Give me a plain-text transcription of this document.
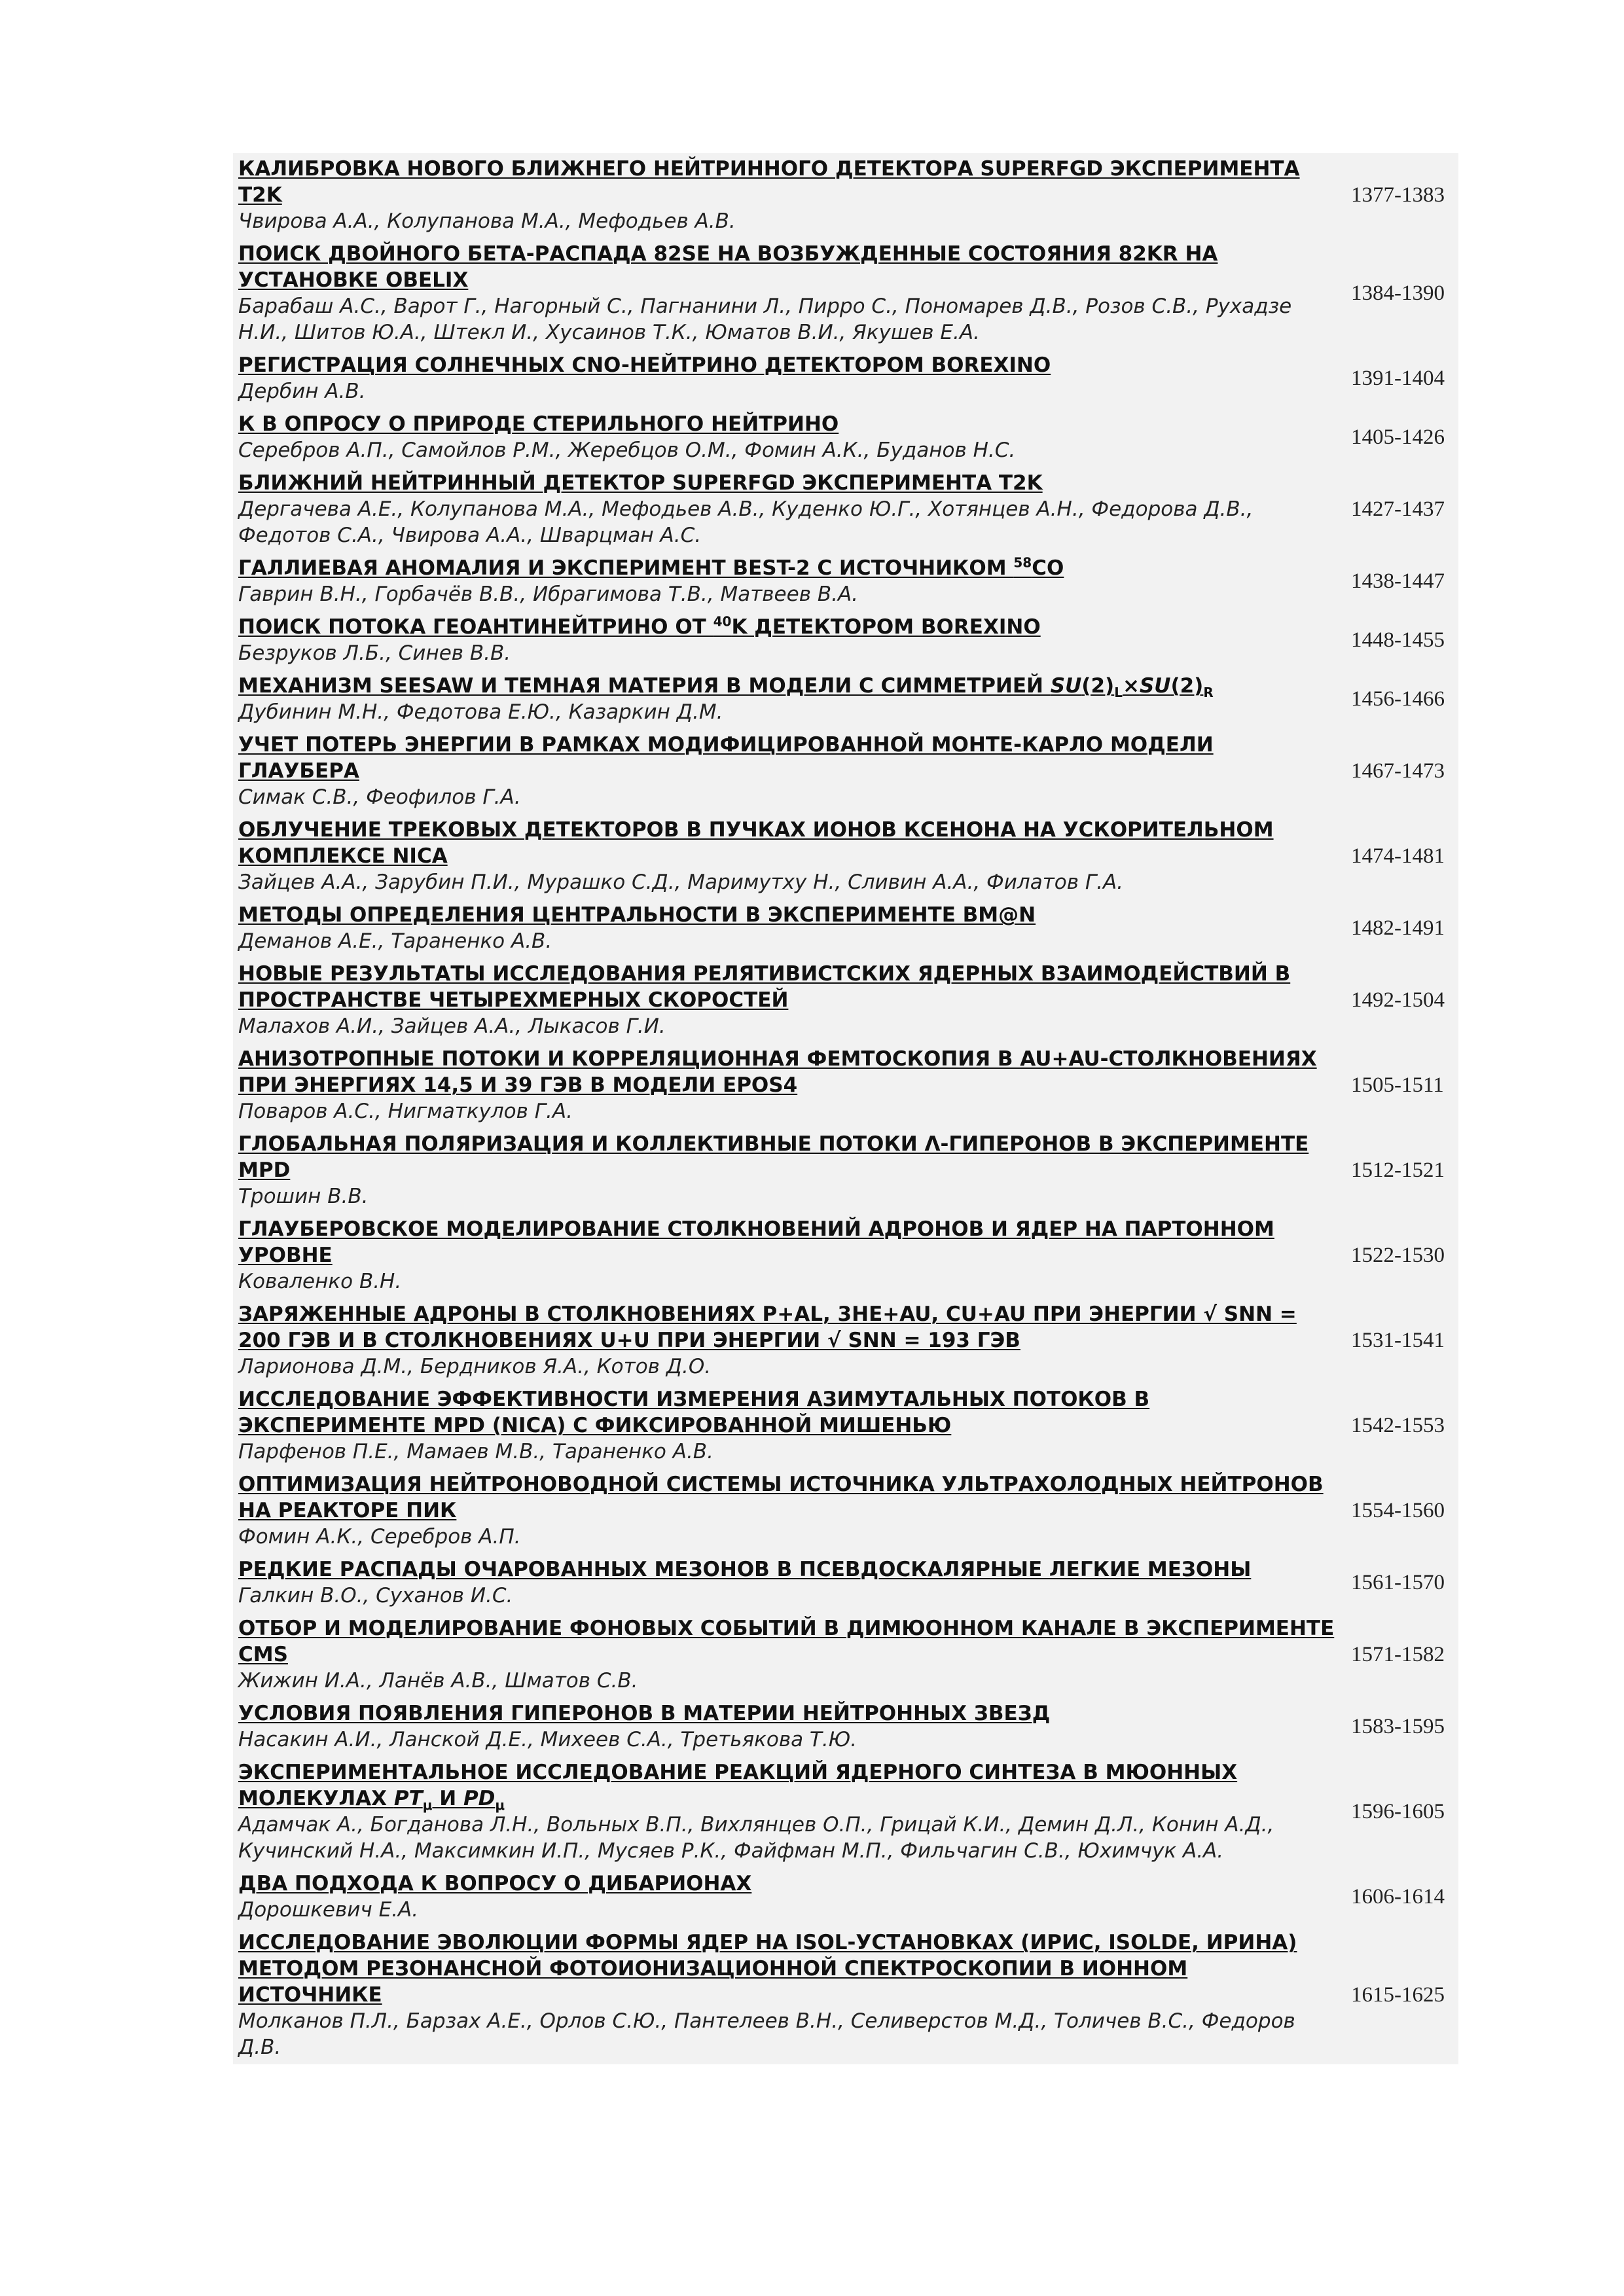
КАЛИБРОВКА НОВОГО БЛИЖНЕГО НЕЙТРИННОГО ДЕТЕКТОРА SUPERFGD ЭКСПЕРИМЕНТА T2K
Чвирова А.А., Колупанова М.А., Мефодьев А.В.
1377-1383
ПОИСК ДВОЙНОГО БЕТА-РАСПАДА 82SE НА ВОЗБУЖДЕННЫЕ СОСТОЯНИЯ 82KR НА УСТАНОВКЕ OBELIX
Барабаш А.С., Варот Г., Нагорный С., Пагнанини Л., Пирро С., Пономарев Д.В., Розов С.В., Рухадзе Н.И., Шитов Ю.А., Штекл И., Хусаинов Т.К., Юматов В.И., Якушев Е.А.
1384-1390
РЕГИСТРАЦИЯ СОЛНЕЧНЫХ CNO-НЕЙТРИНО ДЕТЕКТОРОМ BOREXINO
Дербин А.В.
1391-1404
К В ОПРОСУ О ПРИРОДЕ СТЕРИЛЬНОГО НЕЙТРИНО
Серебров А.П., Самойлов Р.М., Жеребцов О.М., Фомин А.К., Буданов Н.С.
1405-1426
БЛИЖНИЙ НЕЙТРИННЫЙ ДЕТЕКТОР SUPERFGD ЭКСПЕРИМЕНТА T2K
Дергачева А.Е., Колупанова М.А., Мефодьев А.В., Куденко Ю.Г., Хотянцев А.Н., Федорова Д.В., Федотов С.А., Чвирова А.А., Шварцман А.С.
1427-1437
ГАЛЛИЕВАЯ АНОМАЛИЯ И ЭКСПЕРИМЕНТ BEST-2 С ИСТОЧНИКОМ $^{58}$CO
Гаврин В.Н., Горбачёв В.В., Ибрагимова Т.В., Матвеев В.А.
1438-1447
ПОИСК ПОТОКА ГЕОАНТИНЕЙТРИНО ОТ $^{40}$K ДЕТЕКТОРОМ BOREXINO
Безруков Л.Б., Синев В.В.
1448-1455
МЕХАНИЗМ SEESAW И ТЕМНАЯ МАТЕРИЯ В МОДЕЛИ С СИММЕТРИЕЙ $SU(2)_L\times SU(2)_R$
Дубинин М.Н., Федотова Е.Ю., Казаркин Д.М.
1456-1466
УЧЕТ ПОТЕРЬ ЭНЕРГИИ В РАМКАХ МОДИФИЦИРОВАННОЙ МОНТЕ-КАРЛО МОДЕЛИ ГЛАУБЕРА
Симак С.В., Феофилов Г.А.
1467-1473
ОБЛУЧЕНИЕ ТРЕКОВЫХ ДЕТЕКТОРОВ В ПУЧКАХ ИОНОВ КСЕНОНА НА УСКОРИТЕЛЬНОМ КОМПЛЕКСЕ NICA
Зайцев А.А., Зарубин П.И., Мурашко С.Д., Маримутху Н., Сливин А.А., Филатов Г.А.
1474-1481
МЕТОДЫ ОПРЕДЕЛЕНИЯ ЦЕНТРАЛЬНОСТИ В ЭКСПЕРИМЕНТЕ BM@N
Деманов А.Е., Тараненко А.В.
1482-1491
НОВЫЕ РЕЗУЛЬТАТЫ ИССЛЕДОВАНИЯ РЕЛЯТИВИСТСКИХ ЯДЕРНЫХ ВЗАИМОДЕЙСТВИЙ В ПРОСТРАНСТВЕ ЧЕТЫРЕХМЕРНЫХ СКОРОСТЕЙ
Малахов А.И., Зайцев А.А., Лыкасов Г.И.
1492-1504
АНИЗОТРОПНЫЕ ПОТОКИ И КОРРЕЛЯЦИОННАЯ ФЕМТОСКОПИЯ В AU+AU-СТОЛКНОВЕНИЯХ ПРИ ЭНЕРГИЯХ 14,5 И 39 ГЭВ В МОДЕЛИ EPOS4
Поваров А.С., Нигматкулов Г.А.
1505-1511
ГЛОБАЛЬНАЯ ПОЛЯРИЗАЦИЯ И КОЛЛЕКТИВНЫЕ ПОТОКИ Λ-ГИПЕРОНОВ В ЭКСПЕРИМЕНТЕ MPD
Трошин В.В.
1512-1521
ГЛАУБЕРОВСКОЕ МОДЕЛИРОВАНИЕ СТОЛКНОВЕНИЙ АДРОНОВ И ЯДЕР НА ПАРТОННОМ УРОВНЕ
Коваленко В.Н.
1522-1530
ЗАРЯЖЕННЫЕ АДРОНЫ В СТОЛКНОВЕНИЯХ P+AL, 3HE+AU, CU+AU ПРИ ЭНЕРГИИ √ SNN = 200 ГЭВ И В СТОЛКНОВЕНИЯХ U+U ПРИ ЭНЕРГИИ √ SNN = 193 ГЭВ
Ларионова Д.М., Бердников Я.А., Котов Д.О.
1531-1541
ИССЛЕДОВАНИЕ ЭФФЕКТИВНОСТИ ИЗМЕРЕНИЯ АЗИМУТАЛЬНЫХ ПОТОКОВ В ЭКСПЕРИМЕНТЕ MPD (NICA) С ФИКСИРОВАННОЙ МИШЕНЬЮ
Парфенов П.Е., Мамаев М.В., Тараненко А.В.
1542-1553
ОПТИМИЗАЦИЯ НЕЙТРОНОВОДНОЙ СИСТЕМЫ ИСТОЧНИКА УЛЬТРАХОЛОДНЫХ НЕЙТРОНОВ НА РЕАКТОРЕ ПИК
Фомин А.К., Серебров А.П.
1554-1560
РЕДКИЕ РАСПАДЫ ОЧАРОВАННЫХ МЕЗОНОВ В ПСЕВДОСКАЛЯРНЫЕ ЛЕГКИЕ МЕЗОНЫ
Галкин В.О., Суханов И.С.
1561-1570
ОТБОР И МОДЕЛИРОВАНИЕ ФОНОВЫХ СОБЫТИЙ В ДИМЮОННОМ КАНАЛЕ В ЭКСПЕРИМЕНТЕ CMS
Жижин И.А., Ланёв А.В., Шматов С.В.
1571-1582
УСЛОВИЯ ПОЯВЛЕНИЯ ГИПЕРОНОВ В МАТЕРИИ НЕЙТРОННЫХ ЗВЕЗД
Насакин А.И., Ланской Д.Е., Михеев С.А., Третьякова Т.Ю.
1583-1595
ЭКСПЕРИМЕНТАЛЬНОЕ ИССЛЕДОВАНИЕ РЕАКЦИЙ ЯДЕРНОГО СИНТЕЗА В МЮОННЫХ МОЛЕКУЛАХ $PT_\mu$ И $PD_\mu$
Адамчак А., Богданова Л.Н., Вольных В.П., Вихлянцев О.П., Грицай К.И., Демин Д.Л., Конин А.Д., Кучинский Н.А., Максимкин И.П., Мусяев Р.К., Файфман М.П., Фильчагин С.В., Юхимчук А.А.
1596-1605
ДВА ПОДХОДА К ВОПРОСУ О ДИБАРИОНАХ
Дорошкевич Е.А.
1606-1614
ИССЛЕДОВАНИЕ ЭВОЛЮЦИИ ФОРМЫ ЯДЕР НА ISOL-УСТАНОВКАХ (ИРИС, ISOLDE, ИРИНА) МЕТОДОМ РЕЗОНАНСНОЙ ФОТОИОНИЗАЦИОННОЙ СПЕКТРОСКОПИИ В ИОННОМ ИСТОЧНИКЕ
Молканов П.Л., Барзах А.Е., Орлов С.Ю., Пантелеев В.Н., Селиверстов М.Д., Толичев В.С., Федоров Д.В.
1615-1625
